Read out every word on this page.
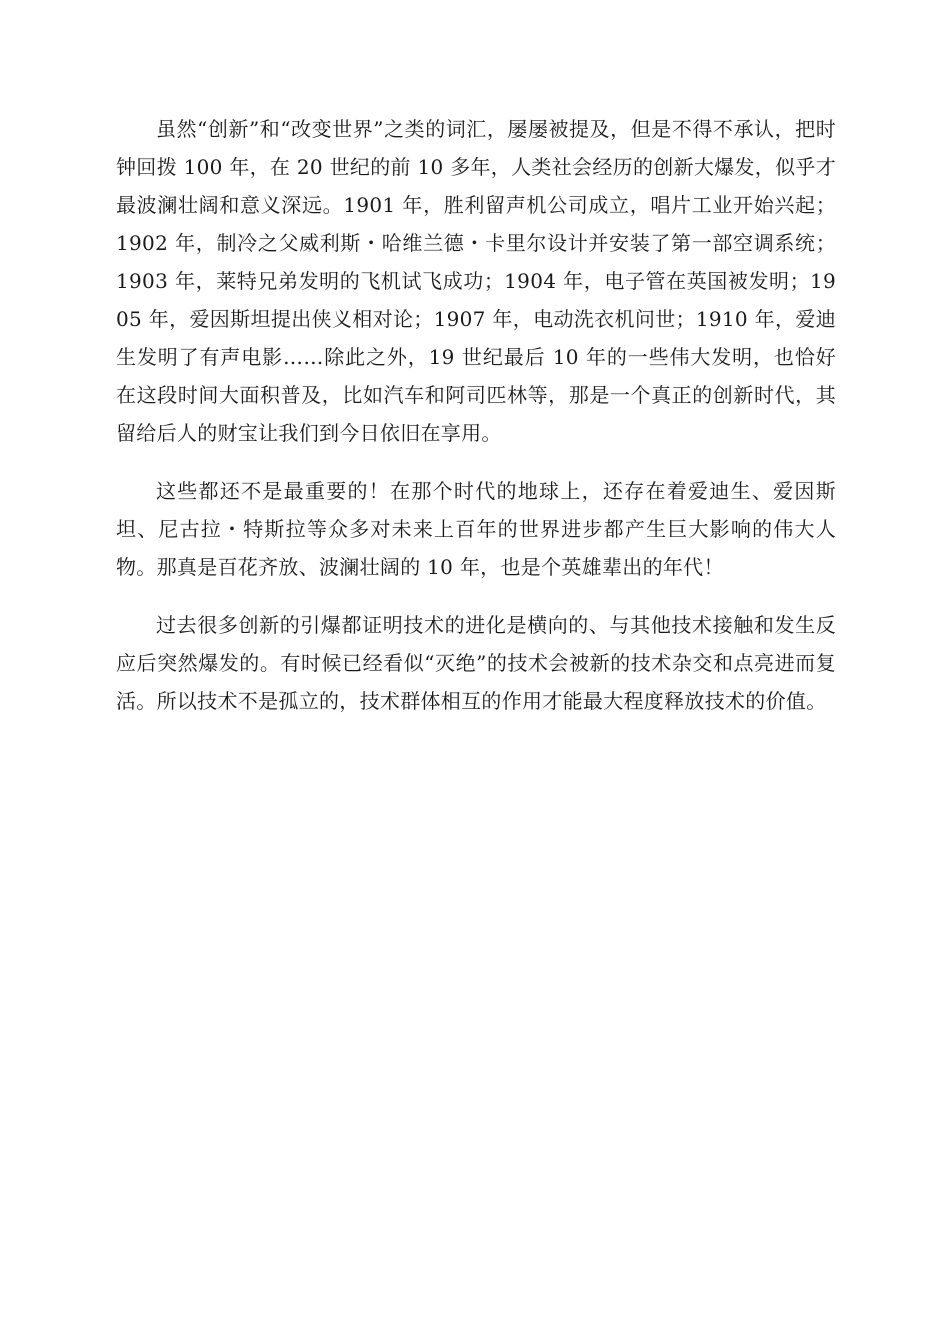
虽然“创新”和“改变世界”之类的词汇，屡屡被提及，但是不得不承认，把时钟回拨 100 年，在 20 世纪的前 10 多年，人类社会经历的创新大爆发，似乎才最波澜壮阔和意义深远。1901 年，胜利留声机公司成立，唱片工业开始兴起；1902 年，制冷之父威利斯・哈维兰德・卡里尔设计并安装了第一部空调系统；1903 年，莱特兄弟发明的飞机试飞成功；1904 年，电子管在英国被发明；1905 年，爱因斯坦提出侠义相对论；1907 年，电动洗衣机问世；1910 年，爱迪生发明了有声电影……除此之外，19 世纪最后 10 年的一些伟大发明，也恰好在这段时间大面积普及，比如汽车和阿司匹林等，那是一个真正的创新时代，其留给后人的财宝让我们到今日依旧在享用。

这些都还不是最重要的！在那个时代的地球上，还存在着爱迪生、爱因斯坦、尼古拉・特斯拉等众多对未来上百年的世界进步都产生巨大影响的伟大人物。那真是百花齐放、波澜壮阔的 10 年，也是个英雄辈出的年代！

过去很多创新的引爆都证明技术的进化是横向的、与其他技术接触和发生反应后突然爆发的。有时候已经看似“灭绝”的技术会被新的技术杂交和点亮进而复活。所以技术不是孤立的，技术群体相互的作用才能最大程度释放技术的价值。
